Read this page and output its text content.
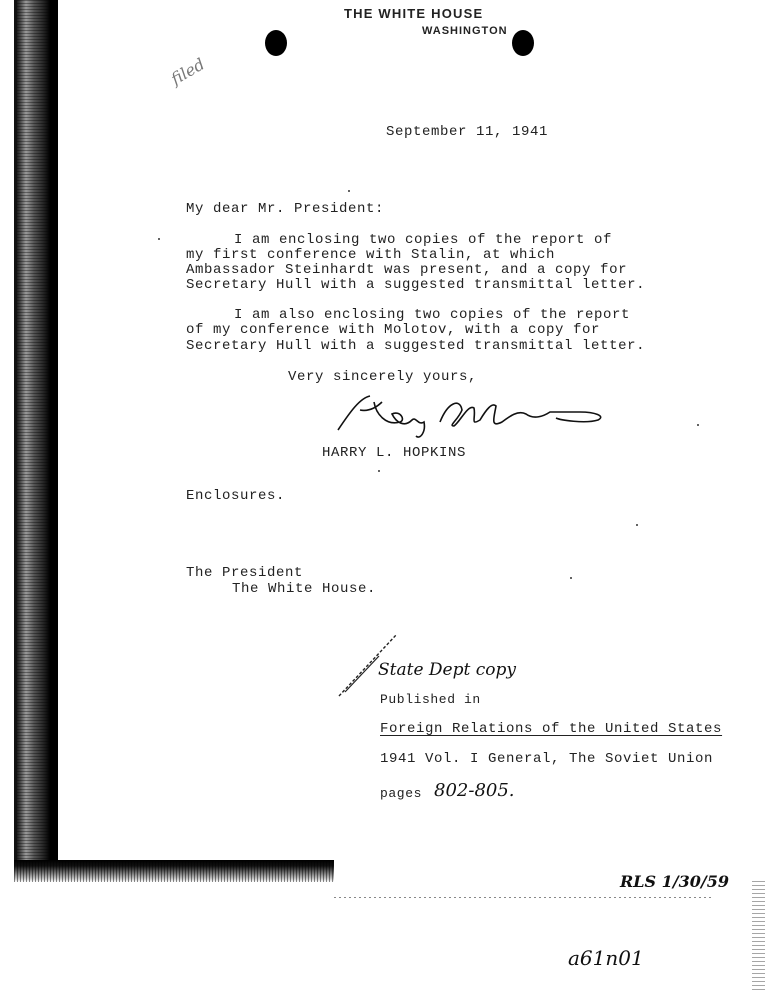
filed
THE WHITE HOUSE
WASHINGTON
September 11, 1941
My dear Mr. President:
I am enclosing two copies of the report of
my first conference with Stalin, at which
Ambassador Steinhardt was present, and a copy for
Secretary Hull with a suggested transmittal letter.
I am also enclosing two copies of the report
of my conference with Molotov, with a copy for
Secretary Hull with a suggested transmittal letter.
Very sincerely yours,
HARRY L. HOPKINS
Enclosures.
The President
The White House.
State Dept copy
Published in
Foreign Relations of the United States
1941 Vol. I General, The Soviet Union
pages 802-805.
RLS 1/30/59
a61n01
